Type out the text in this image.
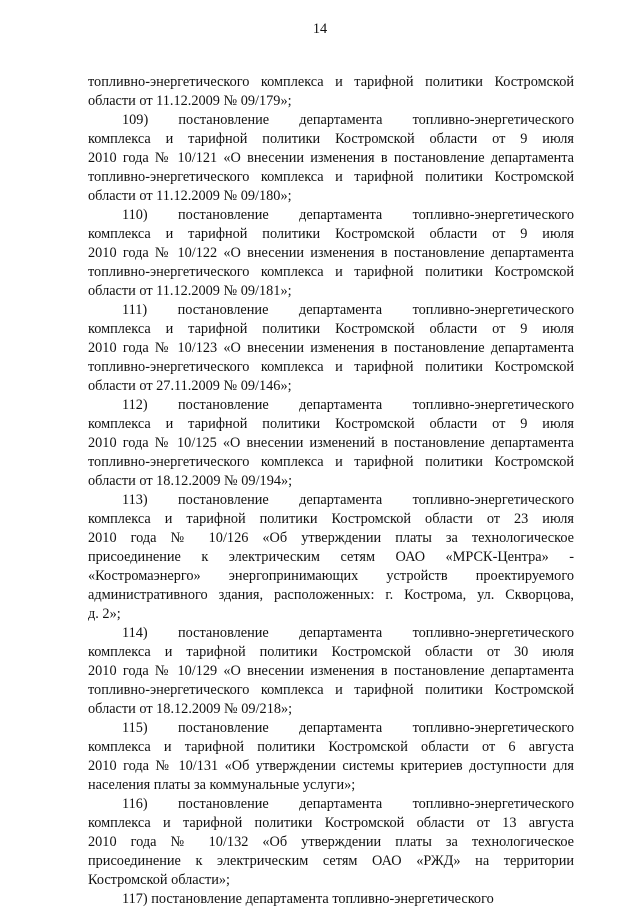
14
топливно-энергетического комплекса и тарифной политики Костромской
области от 11.12.2009 № 09/179»;
109) постановление департамента топливно-энергетического
комплекса и тарифной политики Костромской области от 9 июля
2010 года № 10/121 «О внесении изменения в постановление департамента
топливно-энергетического комплекса и тарифной политики Костромской
области от 11.12.2009 № 09/180»;
110) постановление департамента топливно-энергетического
комплекса и тарифной политики Костромской области от 9 июля
2010 года № 10/122 «О внесении изменения в постановление департамента
топливно-энергетического комплекса и тарифной политики Костромской
области от 11.12.2009 № 09/181»;
111) постановление департамента топливно-энергетического
комплекса и тарифной политики Костромской области от 9 июля
2010 года № 10/123 «О внесении изменения в постановление департамента
топливно-энергетического комплекса и тарифной политики Костромской
области от 27.11.2009 № 09/146»;
112) постановление департамента топливно-энергетического
комплекса и тарифной политики Костромской области от 9 июля
2010 года № 10/125 «О внесении изменений в постановление департамента
топливно-энергетического комплекса и тарифной политики Костромской
области от 18.12.2009 № 09/194»;
113) постановление департамента топливно-энергетического
комплекса и тарифной политики Костромской области от 23 июля
2010 года № 10/126 «Об утверждении платы за технологическое
присоединение к электрическим сетям ОАО «МРСК-Центра» -
«Костромаэнерго» энергопринимающих устройств проектируемого
административного здания, расположенных: г. Кострома, ул. Скворцова,
д. 2»;
114) постановление департамента топливно-энергетического
комплекса и тарифной политики Костромской области от 30 июля
2010 года № 10/129 «О внесении изменения в постановление департамента
топливно-энергетического комплекса и тарифной политики Костромской
области от 18.12.2009 № 09/218»;
115) постановление департамента топливно-энергетического
комплекса и тарифной политики Костромской области от 6 августа
2010 года № 10/131 «Об утверждении системы критериев доступности для
населения платы за коммунальные услуги»;
116) постановление департамента топливно-энергетического
комплекса и тарифной политики Костромской области от 13 августа
2010 года № 10/132 «Об утверждении платы за технологическое
присоединение к электрическим сетям ОАО «РЖД» на территории
Костромской области»;
117) постановление департамента топливно-энергетического
